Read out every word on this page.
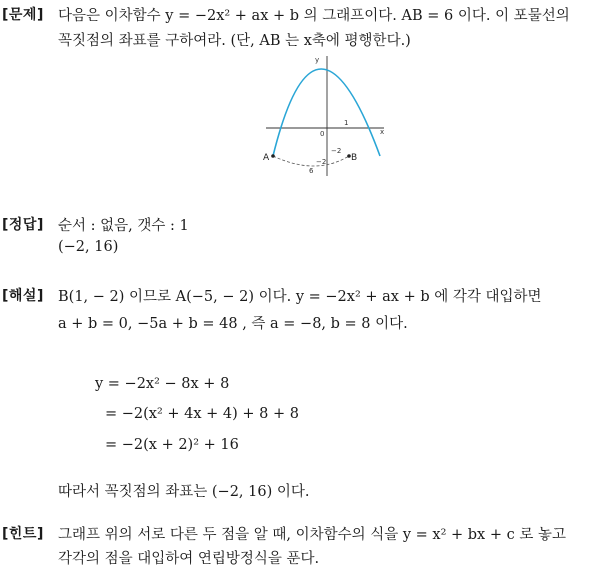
[문제] 다음은 이차함수 y = −2x² + ax + b 의 그래프이다. AB = 6 이다. 이 포물선의
꼭짓점의 좌표를 구하여라. (단, AB 는 x축에 평행한다.)
y
x
0
1
−2
−2
6
A	B
[정답] 순서 : 없음, 갯수 : 1
(−2, 16)
[해설] B(1, − 2) 이므로 A(−5, − 2) 이다. y = −2x² + ax + b 에 각각 대입하면
a + b = 0, −5a + b = 48 , 즉 a = −8, b = 8 이다.
y = −2x² − 8x + 8
= −2(x² + 4x + 4) + 8 + 8
= −2(x + 2)² + 16
따라서 꼭짓점의 좌표는 (−2, 16) 이다.
[힌트] 그래프 위의 서로 다른 두 점을 알 때, 이차함수의 식을 y = x² + bx + c 로 놓고
각각의 점을 대입하여 연립방정식을 푼다.
